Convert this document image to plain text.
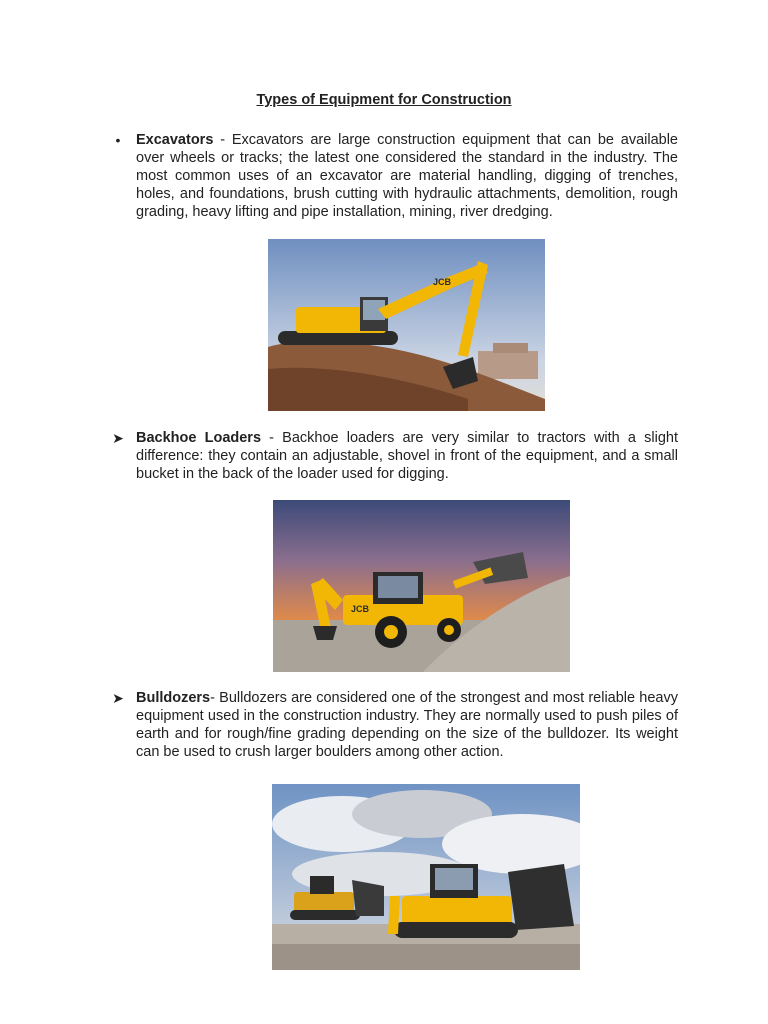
Types of Equipment for Construction
•	Excavators - Excavators are large construction equipment that can be available over wheels or tracks; the latest one considered the standard in the industry. The most common uses of an excavator are material handling, digging of trenches, holes, and foundations, brush cutting with hydraulic attachments, demolition, rough grading, heavy lifting and pipe installation, mining, river dredging.
JCB
➤ Backhoe Loaders - Backhoe loaders are very similar to tractors with a slight difference: they contain an adjustable, shovel in front of the equipment, and a small bucket in the back of the loader used for digging.
JCB
➤ Bulldozers- Bulldozers are considered one of the strongest and most reliable heavy equipment used in the construction industry. They are normally used to push piles of earth and for rough/fine grading depending on the size of the bulldozer. Its weight can be used to crush larger boulders among other action.
